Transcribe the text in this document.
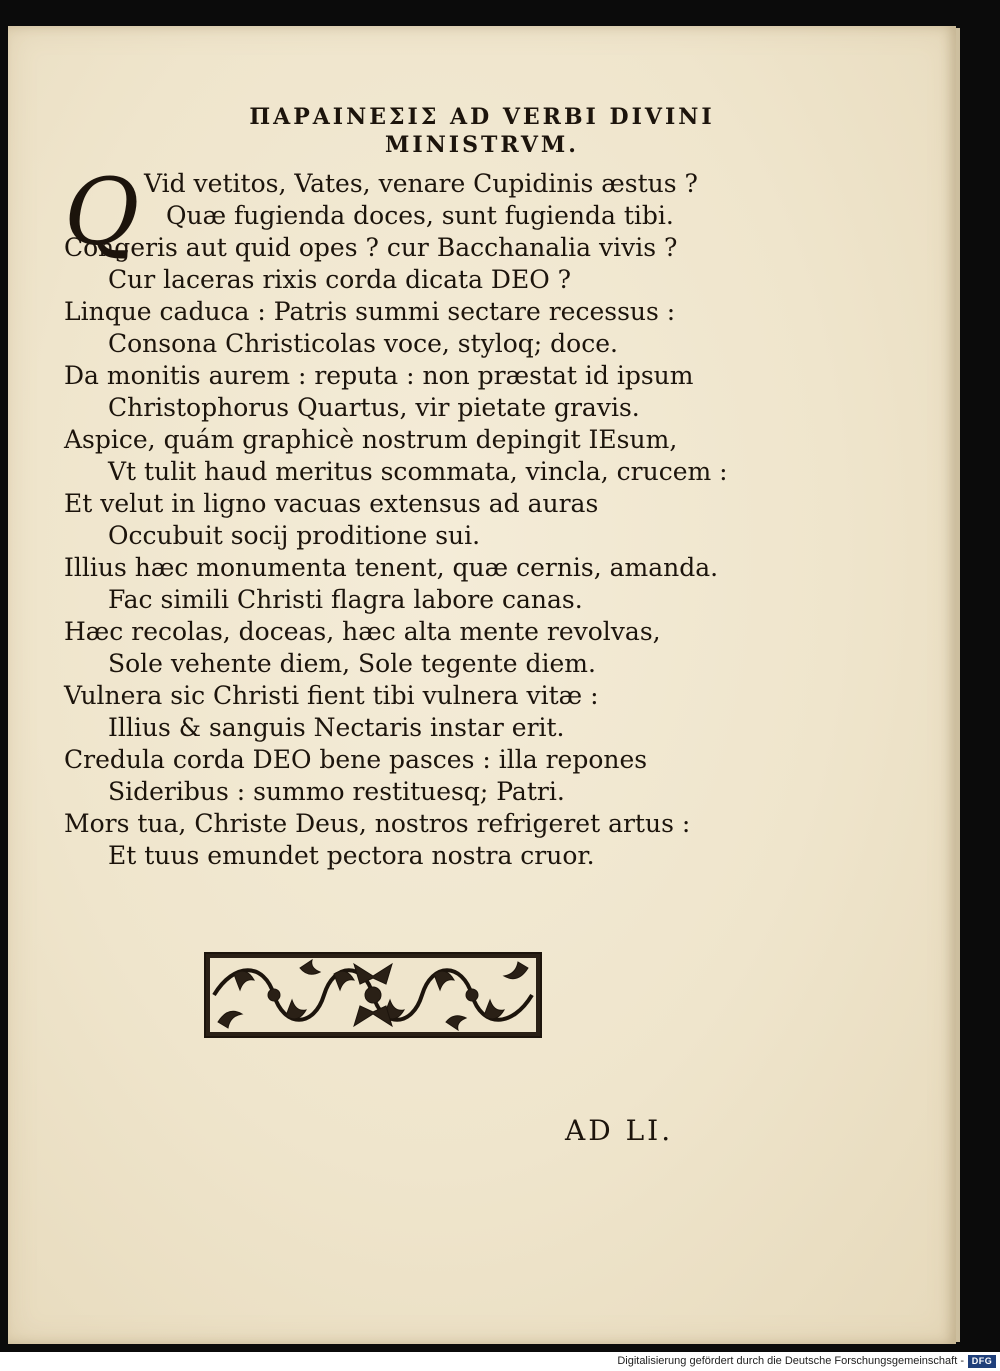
ΠΑΡΑΙΝΕΣΙΣ AD VERBI DIVINI
MINISTRVM.
Q Vid vetitos, Vates, venare Cupidinis æstus ?
Quæ fugienda doces, sunt fugienda tibi.
Congeris aut quid opes ? cur Bacchanalia vivis ?
Cur laceras rixis corda dicata DEO ?
Linque caduca : Patris summi sectare recessus :
Consona Christicolas voce, styloq; doce.
Da monitis aurem : reputa : non præstat id ipsum
Christophorus Quartus, vir pietate gravis.
Aspice, quám graphicè nostrum depingit IEsum,
Vt tulit haud meritus scommata, vincla, crucem :
Et velut in ligno vacuas extensus ad auras
Occubuit socij proditione sui.
Illius hæc monumenta tenent, quæ cernis, amanda.
Fac simili Christi flagra labore canas.
Hæc recolas, doceas, hæc alta mente revolvas,
Sole vehente diem, Sole tegente diem.
Vulnera sic Christi fient tibi vulnera vitæ :
Illius & sanguis Nectaris instar erit.
Credula corda DEO bene pasces : illa repones
Sideribus : summo restituesq; Patri.
Mors tua, Christe Deus, nostros refrigeret artus :
Et tuus emundet pectora nostra cruor.
AD LI.
Digitalisierung gefördert durch die Deutsche Forschungsgemeinschaft - DFG
